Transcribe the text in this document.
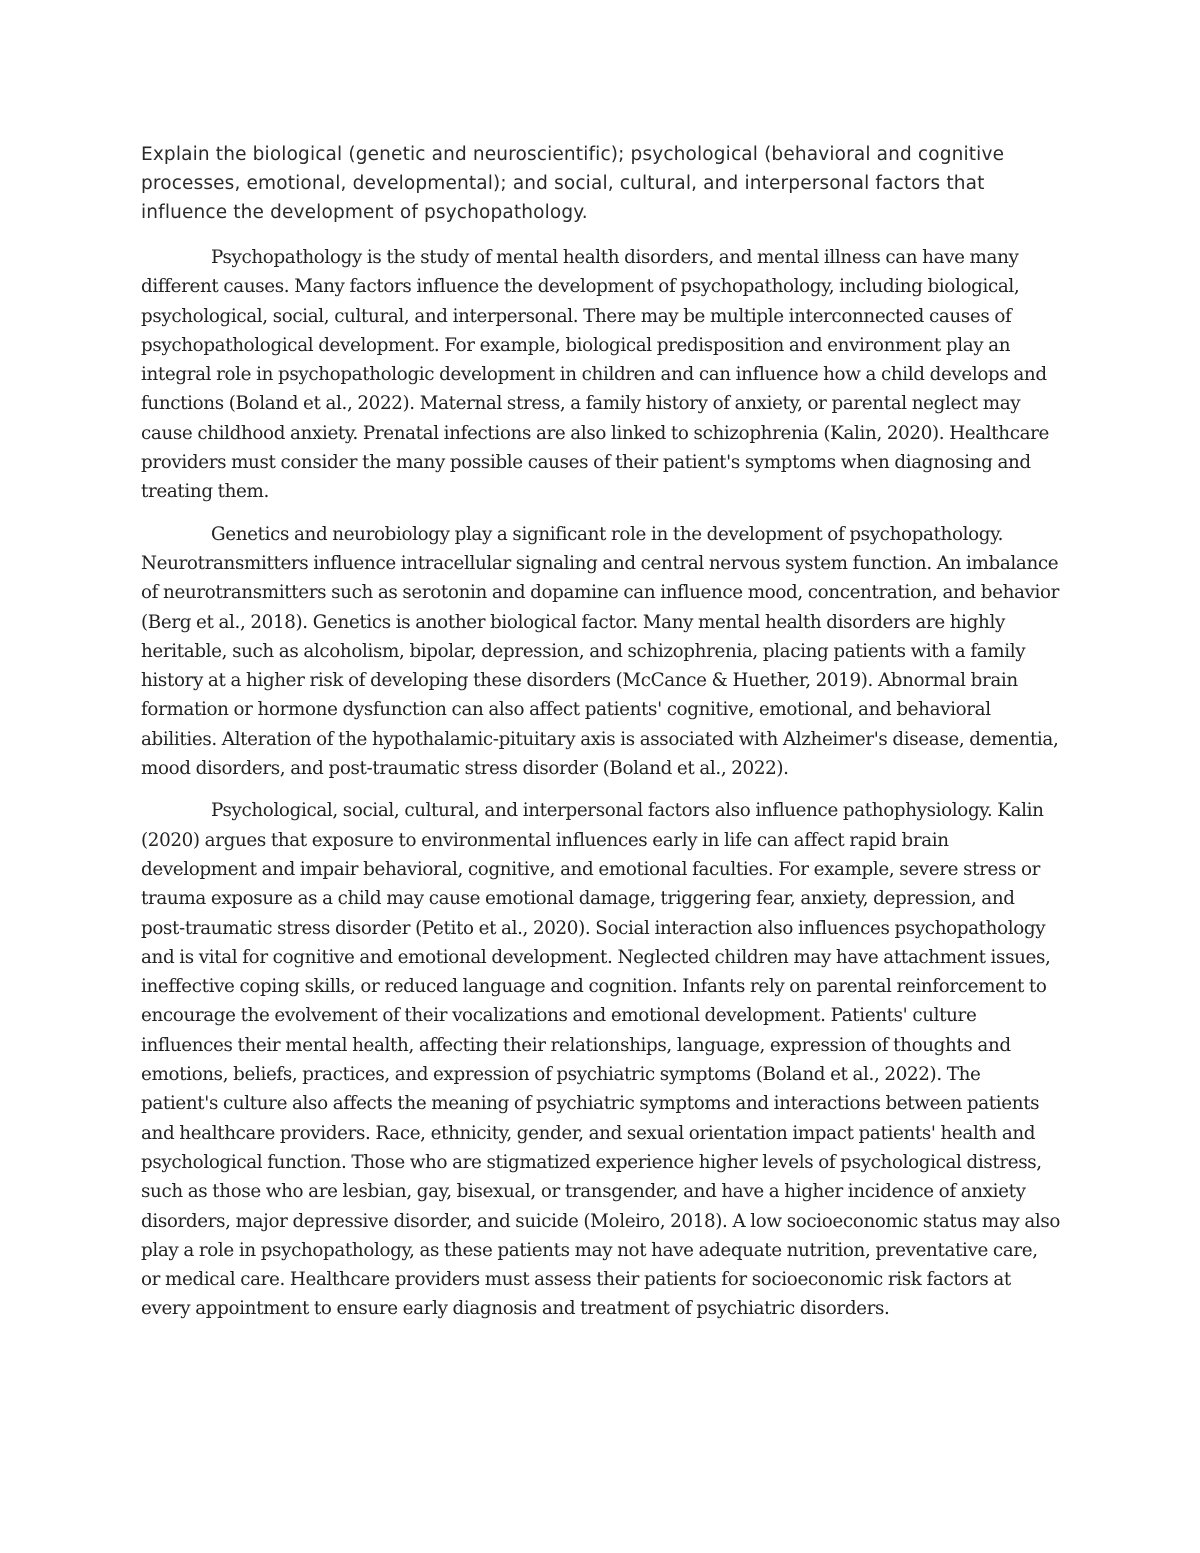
Explain the biological (genetic and neuroscientific); psychological (behavioral and cognitive processes, emotional, developmental); and social, cultural, and interpersonal factors that influence the development of psychopathology.

Psychopathology is the study of mental health disorders, and mental illness can have many different causes. Many factors influence the development of psychopathology, including biological, psychological, social, cultural, and interpersonal. There may be multiple interconnected causes of psychopathological development. For example, biological predisposition and environment play an integral role in psychopathologic development in children and can influence how a child develops and functions (Boland et al., 2022). Maternal stress, a family history of anxiety, or parental neglect may cause childhood anxiety. Prenatal infections are also linked to schizophrenia (Kalin, 2020). Healthcare providers must consider the many possible causes of their patient's symptoms when diagnosing and treating them.

Genetics and neurobiology play a significant role in the development of psychopathology. Neurotransmitters influence intracellular signaling and central nervous system function. An imbalance of neurotransmitters such as serotonin and dopamine can influence mood, concentration, and behavior (Berg et al., 2018). Genetics is another biological factor. Many mental health disorders are highly heritable, such as alcoholism, bipolar, depression, and schizophrenia, placing patients with a family history at a higher risk of developing these disorders (McCance & Huether, 2019). Abnormal brain formation or hormone dysfunction can also affect patients' cognitive, emotional, and behavioral abilities. Alteration of the hypothalamic-pituitary axis is associated with Alzheimer's disease, dementia, mood disorders, and post-traumatic stress disorder (Boland et al., 2022).

Psychological, social, cultural, and interpersonal factors also influence pathophysiology. Kalin (2020) argues that exposure to environmental influences early in life can affect rapid brain development and impair behavioral, cognitive, and emotional faculties. For example, severe stress or trauma exposure as a child may cause emotional damage, triggering fear, anxiety, depression, and post-traumatic stress disorder (Petito et al., 2020). Social interaction also influences psychopathology and is vital for cognitive and emotional development. Neglected children may have attachment issues, ineffective coping skills, or reduced language and cognition. Infants rely on parental reinforcement to encourage the evolvement of their vocalizations and emotional development. Patients' culture influences their mental health, affecting their relationships, language, expression of thoughts and emotions, beliefs, practices, and expression of psychiatric symptoms (Boland et al., 2022). The patient's culture also affects the meaning of psychiatric symptoms and interactions between patients and healthcare providers. Race, ethnicity, gender, and sexual orientation impact patients' health and psychological function. Those who are stigmatized experience higher levels of psychological distress, such as those who are lesbian, gay, bisexual, or transgender, and have a higher incidence of anxiety disorders, major depressive disorder, and suicide (Moleiro, 2018). A low socioeconomic status may also play a role in psychopathology, as these patients may not have adequate nutrition, preventative care, or medical care. Healthcare providers must assess their patients for socioeconomic risk factors at every appointment to ensure early diagnosis and treatment of psychiatric disorders.
